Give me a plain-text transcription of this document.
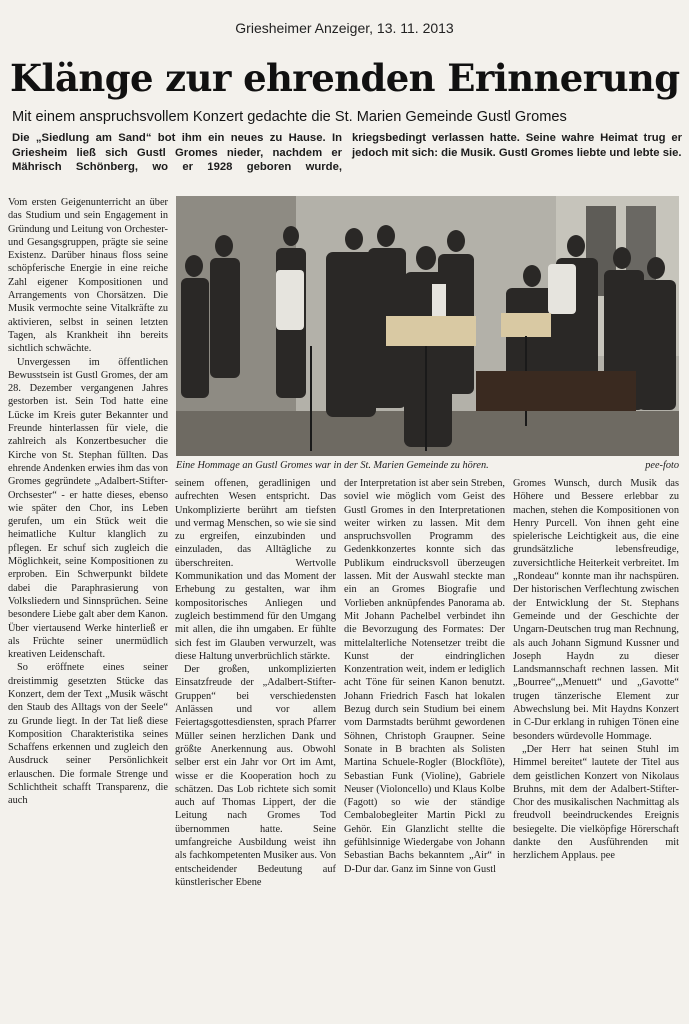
Griesheimer Anzeiger, 13. 11. 2013
Klänge zur ehrenden Erinnerung

Mit einem anspruchsvollem Konzert gedachte die St. Marien Gemeinde Gustl Gromes

Die „Siedlung am Sand“ bot ihm ein neues zu Hause. In Griesheim ließ sich Gustl Gromes nieder, nachdem er Mährisch Schönberg, wo er 1928 geboren wurde, kriegsbedingt verlassen hatte. Seine wahre Heimat trug er jedoch mit sich: die Musik. Gustl Gromes liebte und lebte sie.

Vom ersten Geigenunterricht an über das Studium und sein Engagement in Gründung und Leitung von Orchester- und Gesangsgruppen, prägte sie seine Existenz. Darüber hinaus floss seine schöpferische Energie in eine reiche Zahl eigener Kompositionen und Arrangements von Chorsätzen. Die Musik vermochte seine Vitalkräfte zu aktivieren, selbst in seinen letzten Tagen, als Krankheit ihn bereits sichtlich schwächte.

Unvergessen im öffentlichen Bewusstsein ist Gustl Gromes, der am 28. Dezember vergangenen Jahres gestorben ist. Sein Tod hatte eine Lücke im Kreis guter Bekannter und Freunde hinterlassen für viele, die zahlreich als Konzertbesucher die Kirche von St. Stephan füllten. Das ehrende Andenken erwies ihm das von Gromes gegründete „Adalbert-Stifter-Orchsester“ - er hatte dieses, ebenso wie später den Chor, ins Leben gerufen, um ein Stück weit die heimatliche Kultur klanglich zu pflegen. Er schuf sich zugleich die Möglichkeit, seine Kompositionen zu erproben. Ein Schwerpunkt bildete dabei die Paraphrasierung von Volksliedern und Sinnsprüchen. Seine besondere Liebe galt aber dem Kanon. Über viertausend Werke hinterließ er als Früchte seiner unermüdlich kreativen Leidenschaft.

So eröffnete eines seiner dreistimmig gesetzten Stücke das Konzert, dem der Text „Musik wäscht den Staub des Alltags von der Seele“ zu Grunde liegt. In der Tat ließ diese Komposition Charakteristika seines Schaffens erkennen und zugleich den Ausdruck seiner Persönlichkeit erlauschen. Die formale Strenge und Schlichtheit schafft Transparenz, die auch

Eine Hommage an Gustl Gromes war in der St. Marien Gemeinde zu hören.	pee-foto

seinem offenen, geradlinigen und aufrechten Wesen entspricht. Das Unkomplizierte berührt am tiefsten und vermag Menschen, so wie sie sind zu ergreifen, einzubinden und einzuladen, das Alltägliche zu überschreiten. Wertvolle Kommunikation und das Moment der Erhebung zu gestalten, war ihm kompositorisches Anliegen und zugleich bestimmend für den Umgang mit allen, die ihn umgaben. Er fühlte sich fest im Glauben verwurzelt, was diese Haltung unverbrüchlich stärkte.

Der großen, unkomplizierten Einsatzfreude der „Adalbert-Stifter-Gruppen“ bei verschiedensten Anlässen und vor allem Feiertagsgottesdiensten, sprach Pfarrer Müller seinen herzlichen Dank und größte Anerkennung aus. Obwohl selber erst ein Jahr vor Ort im Amt, wisse er die Kooperation hoch zu schätzen. Das Lob richtete sich somit auch auf Thomas Lippert, der die Leitung nach Gromes Tod übernommen hatte. Seine umfangreiche Ausbildung weist ihn als fachkompetenten Musiker aus. Von entscheidender Bedeutung auf künstlerischer Ebene

der Interpretation ist aber sein Streben, soviel wie möglich vom Geist des Gustl Gromes in den Interpretationen weiter wirken zu lassen. Mit dem anspruchsvollen Programm des Gedenkkonzertes konnte sich das Publikum eindrucksvoll überzeugen lassen. Mit der Auswahl steckte man ein an Gromes Biografie und Vorlieben anknüpfendes Panorama ab. Mit Johann Pachelbel verbindet ihn die Bevorzugung des Formates: Der mittelalterliche Notensetzer treibt die Kunst der eindringlichen Konzentration weit, indem er lediglich acht Töne für seinen Kanon benutzt. Johann Friedrich Fasch hat lokalen Bezug durch sein Studium bei einem vom Darmstadts berühmt gewordenen Söhnen, Christoph Graupner. Seine Sonate in B brachten als Solisten Martina Schuele-Rogler (Blockflöte), Sebastian Funk (Violine), Gabriele Neuser (Violoncello) und Klaus Kolbe (Fagott) so wie der ständige Cembalobegleiter Martin Pickl zu Gehör. Ein Glanzlicht stellte die gefühlsinnige Wiedergabe von Johann Sebastian Bachs bekanntem „Air“ in D-Dur dar. Ganz im Sinne von Gustl

Gromes Wunsch, durch Musik das Höhere und Bessere erlebbar zu machen, stehen die Kompositionen von Henry Purcell. Von ihnen geht eine spielerische Leichtigkeit aus, die eine grundsätzliche lebensfreudige, zuversichtliche Heiterkeit verbreitet. Im „Rondeau“ konnte man ihr nachspüren. Der historischen Verflechtung zwischen der Entwicklung der St. Stephans Gemeinde und der Geschichte der Ungarn-Deutschen trug man Rechnung, als auch Johann Sigmund Kussner und Joseph Haydn zu dieser Landsmannschaft rechnen lassen. Mit „Bourree“,„Menuett“ und „Gavotte“ trugen tänzerische Element zur Abwechslung bei. Mit Haydns Konzert in C-Dur erklang in ruhigen Tönen eine besonders würdevolle Hommage.

„Der Herr hat seinen Stuhl im Himmel bereitet“ lautete der Titel aus dem geistlichen Konzert von Nikolaus Bruhns, mit dem der Adalbert-Stifter-Chor des musikalischen Nachmittag als freudvoll beeindruckendes Ereignis besiegelte. Die vielköpfige Hörerschaft dankte den Ausführenden mit herzlichem Applaus. pee
